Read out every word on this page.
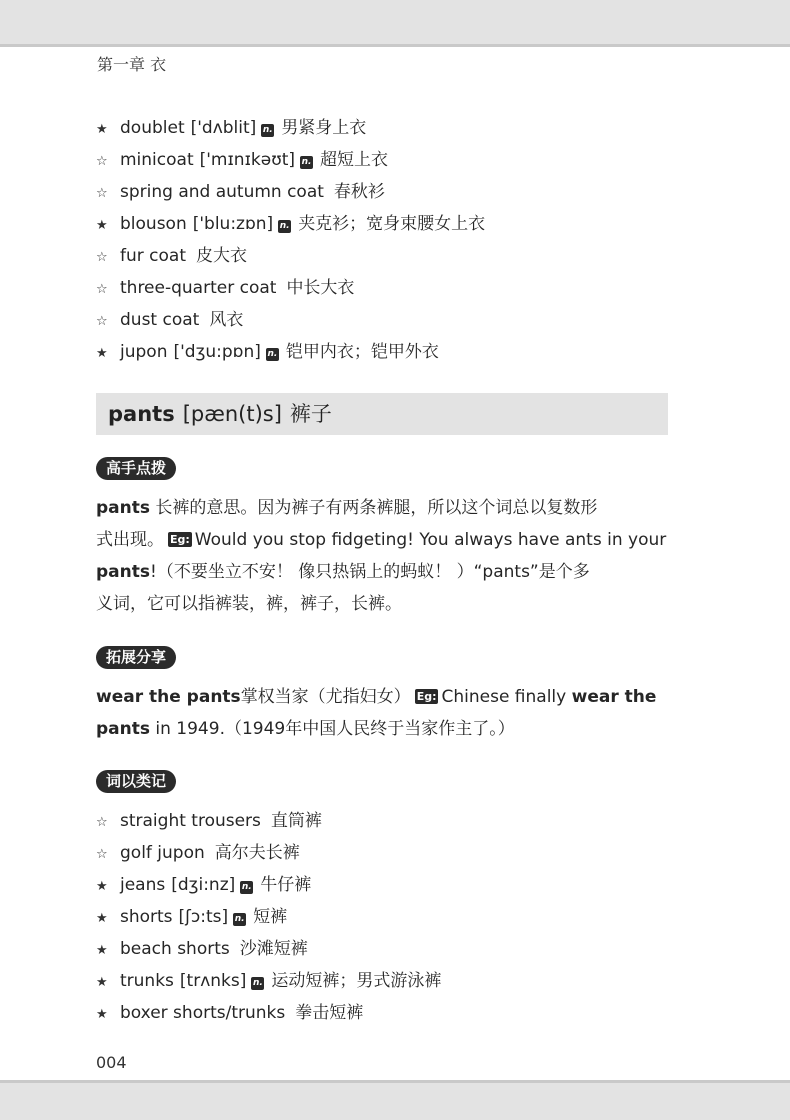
第一章 衣
★ doublet ['dʌblit] n. 男紧身上衣
☆ minicoat ['mɪnɪkəʊt] n. 超短上衣
☆ spring and autumn coat 春秋衫
★ blouson ['blu:zɒn] n. 夹克衫；宽身束腰女上衣
☆ fur coat 皮大衣
☆ three-quarter coat 中长大衣
☆ dust coat 风衣
★ jupon ['dʒu:pɒn] n. 铠甲内衣；铠甲外衣
pants [pæn(t)s] 裤子
高手点拨
pants 长裤的意思。因为裤子有两条裤腿，所以这个词总以复数形
式出现。 Eg: Would you stop fidgeting! You always have ants in your
pants!（不要坐立不安！ 像只热锅上的蚂蚁！ ）“pants”是个多
义词，它可以指裤装，裤，裤子，长裤。
拓展分享
wear the pants掌权当家（尤指妇女） Eg: Chinese finally wear the
pants in 1949.（1949年中国人民终于当家作主了。）
词以类记
☆ straight trousers 直筒裤
☆ golf jupon 高尔夫长裤
★ jeans [dʒi:nz] n. 牛仔裤
★ shorts [ʃɔ:ts] n. 短裤
★ beach shorts 沙滩短裤
★ trunks [trʌnks] n. 运动短裤；男式游泳裤
★ boxer shorts/trunks 拳击短裤
004
